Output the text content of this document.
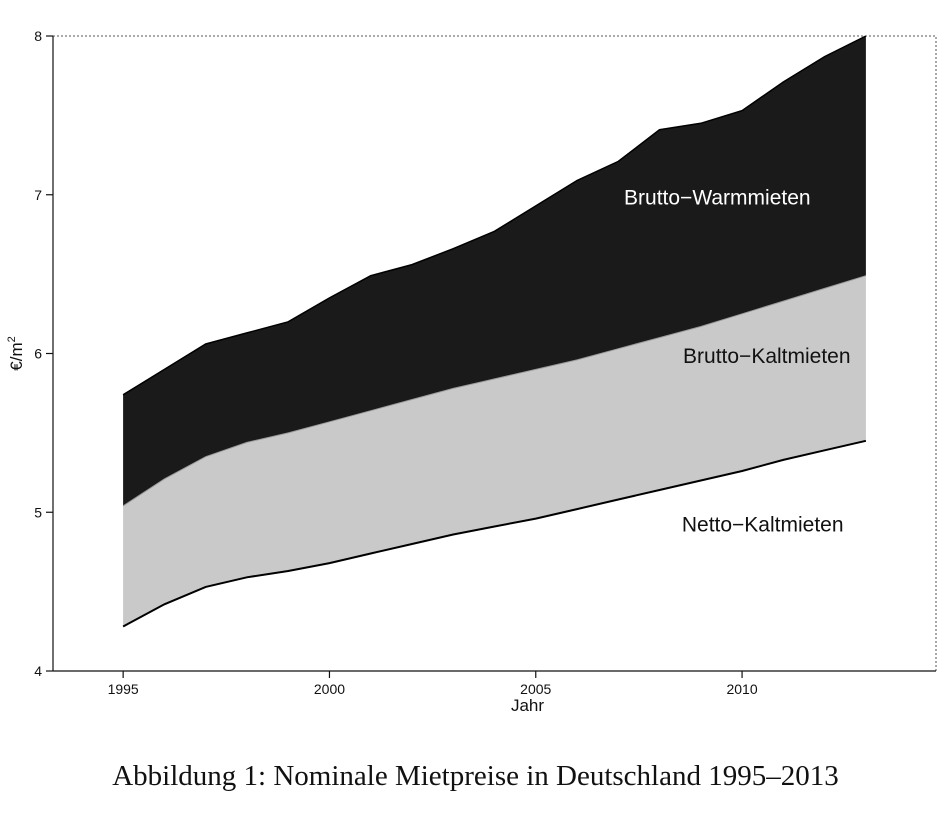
4
5
6
7
8
1995	2000	2005	2010
Brutto−Warmmieten
Brutto−Kaltmieten
Netto−Kaltmieten
Jahr
$€/m^2$

Abbildung 1: Nominale Mietpreise in Deutschland 1995–2013
